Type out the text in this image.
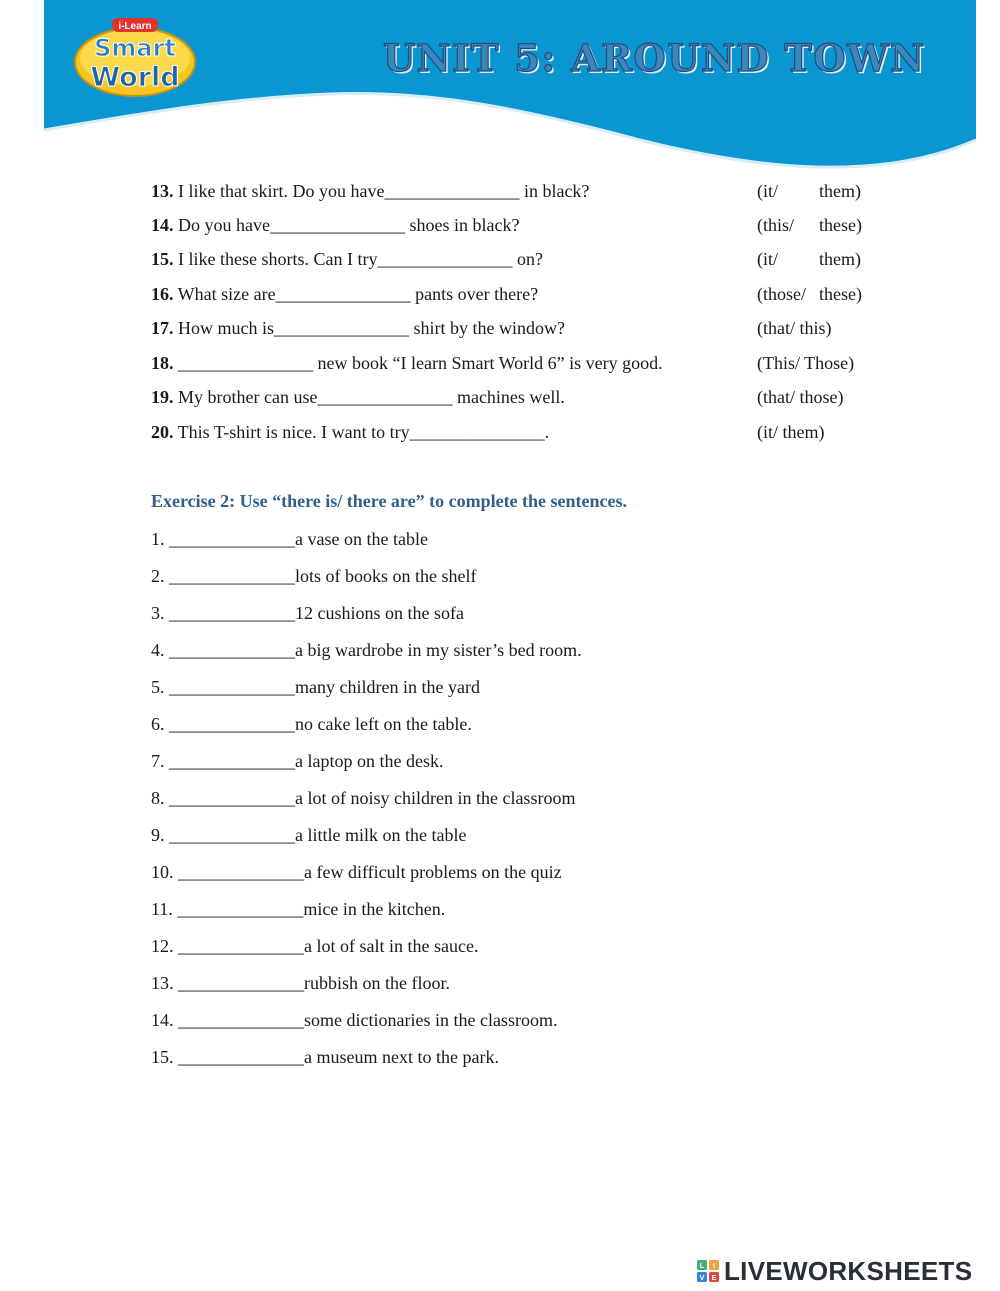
i-Learn
Smart
World	UNIT 5: AROUND TOWN
13. I like that skirt. Do you have_______________ in black?	(it/ them)
14. Do you have_______________ shoes in black?	(this/ these)
15. I like these shorts. Can I try_______________ on?	(it/ them)
16. What size are_______________ pants over there?	(those/ these)
17. How much is_______________ shirt by the window?	(that/ this)
18. _______________ new book “I learn Smart World 6” is very good.	(This/ Those)
19. My brother can use_______________ machines well.	(that/ those)
20. This T-shirt is nice. I want to try_______________.	(it/ them)
Exercise 2: Use “there is/ there are” to complete the sentences.
1. ______________a vase on the table
2. ______________lots of books on the shelf
3. ______________12 cushions on the sofa
4. ______________a big wardrobe in my sister’s bed room.
5. ______________many children in the yard
6. ______________no cake left on the table.
7. ______________a laptop on the desk.
8. ______________a lot of noisy children in the classroom
9. ______________a little milk on the table
10. ______________a few difficult problems on the quiz
11. ______________mice in the kitchen.
12. ______________a lot of salt in the sauce.
13. ______________rubbish on the floor.
14. ______________some dictionaries in the classroom.
15. ______________a museum next to the park.
L I
V E LIVEWORKSHEETS
